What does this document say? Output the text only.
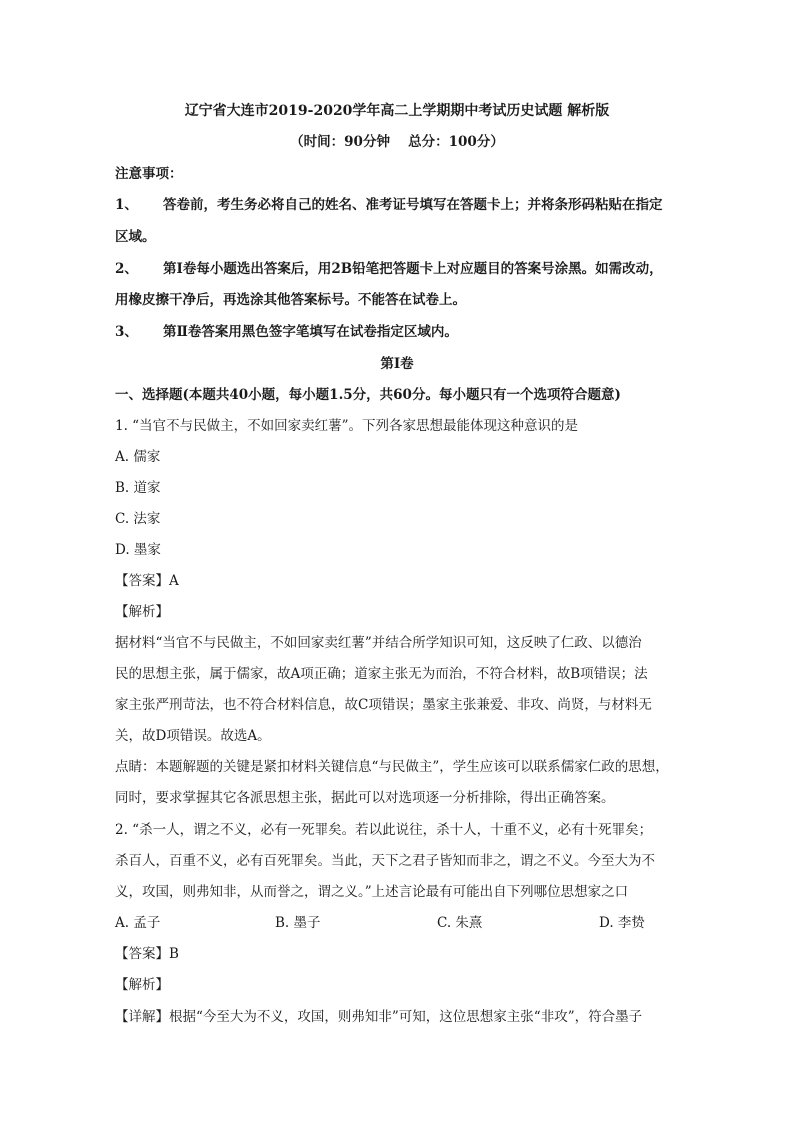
辽宁省大连市2019-2020学年高二上学期期中考试历史试题 解析版
（时间：90分钟　 总分：100分）
注意事项：
1、 答卷前，考生务必将自己的姓名、准考证号填写在答题卡上；并将条形码粘贴在指定
区域。
2、 第Ⅰ卷每小题选出答案后，用2B铅笔把答题卡上对应题目的答案号涂黑。如需改动，
用橡皮擦干净后，再选涂其他答案标号。不能答在试卷上。
3、 第Ⅱ卷答案用黑色签字笔填写在试卷指定区域内。
第Ⅰ卷
一、选择题(本题共40小题，每小题1.5分，共60分。每小题只有一个选项符合题意)
1. “当官不与民做主，不如回家卖红薯”。下列各家思想最能体现这种意识的是
A. 儒家
B. 道家
C. 法家
D. 墨家
【答案】A
【解析】
据材料“当官不与民做主，不如回家卖红薯”并结合所学知识可知，这反映了仁政、以德治
民的思想主张，属于儒家，故A项正确；道家主张无为而治，不符合材料，故B项错误；法
家主张严刑苛法，也不符合材料信息，故C项错误；墨家主张兼爱、非攻、尚贤，与材料无
关，故D项错误。故选A。
点睛：本题解题的关键是紧扣材料关键信息“与民做主”，学生应该可以联系儒家仁政的思想，
同时，要求掌握其它各派思想主张，据此可以对选项逐一分析排除，得出正确答案。
2. “杀一人，谓之不义，必有一死罪矣。若以此说往，杀十人，十重不义，必有十死罪矣；
杀百人，百重不义，必有百死罪矣。当此，天下之君子皆知而非之，谓之不义。今至大为不
义，攻国，则弗知非，从而誉之，谓之义。”上述言论最有可能出自下列哪位思想家之口
A. 孟子	B. 墨子	C. 朱熹	D. 李贽
【答案】B
【解析】
【详解】根据“今至大为不义，攻国，则弗知非”可知，这位思想家主张“非攻”，符合墨子
